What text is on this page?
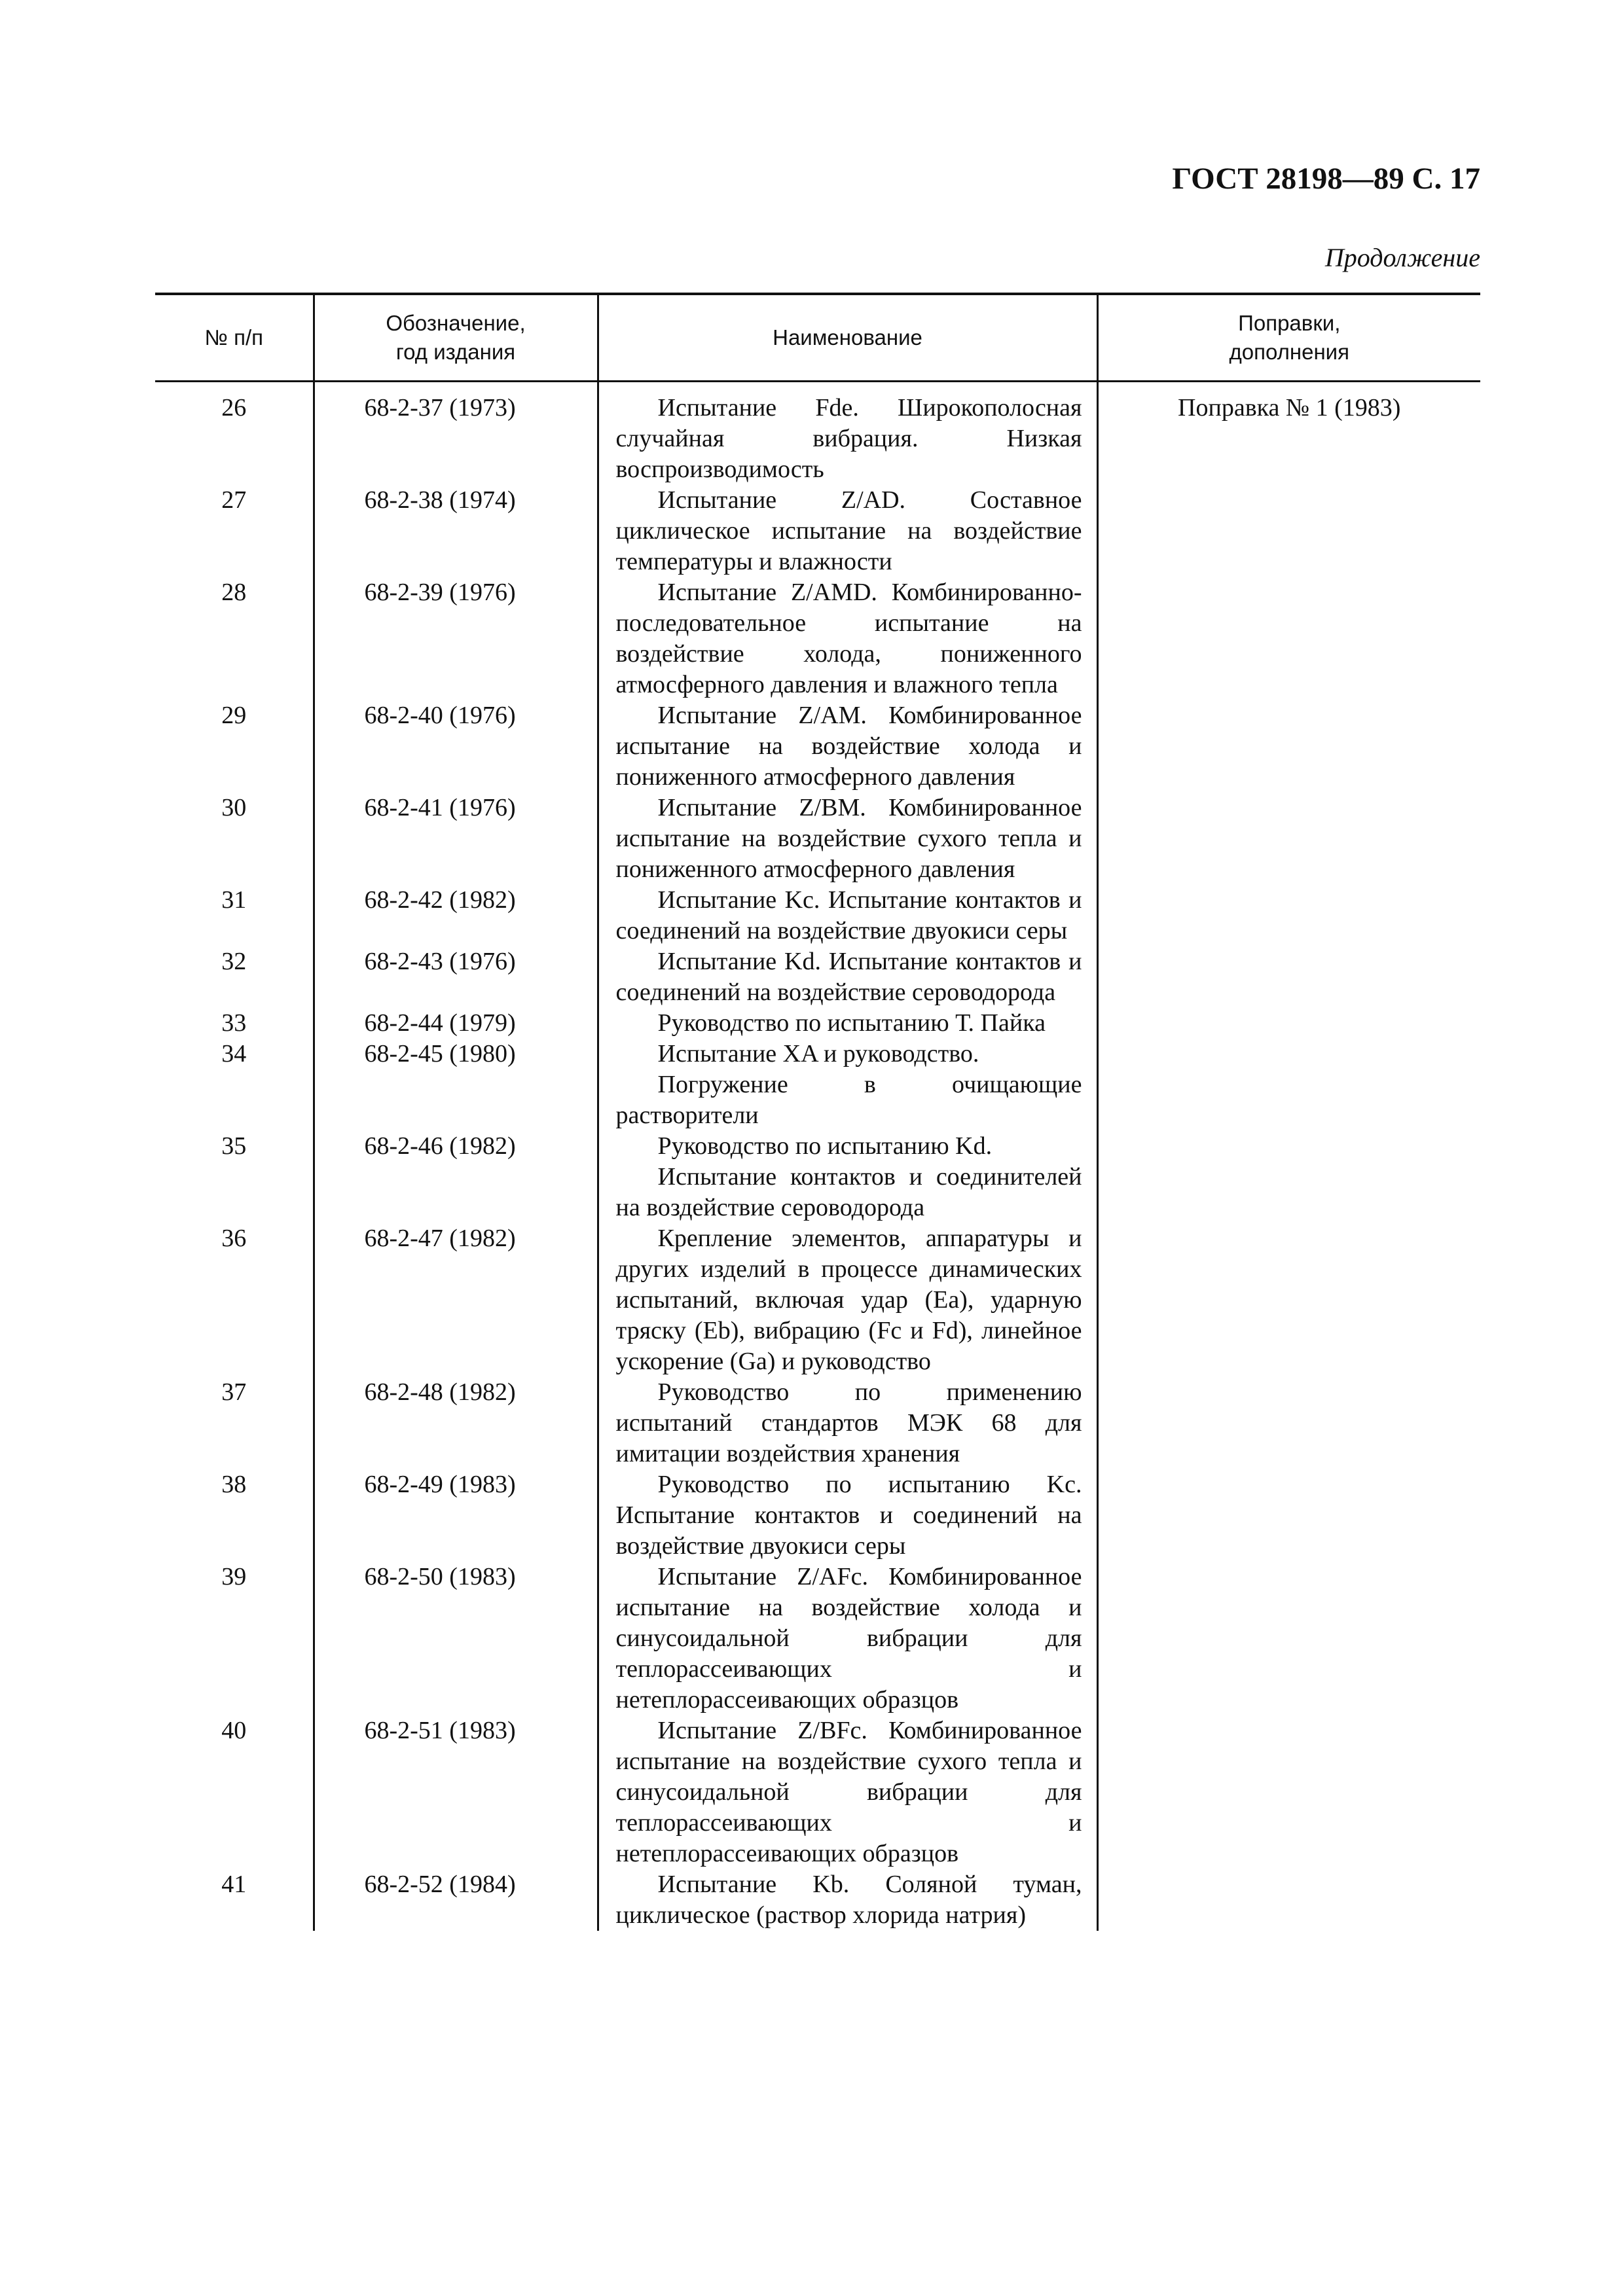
ГОСТ 28198—89 С. 17
Продолжение
№ п/п	Обозначение, год издания	Наименование	Поправки, дополнения
26	68-2-37 (1973)	Испытание Fde. Широкополосная случайная вибрация. Низкая воспроизводимость	Поправка № 1 (1983)
27	68-2-38 (1974)	Испытание Z/AD. Составное циклическое испытание на воздействие температуры и влажности	

28	68-2-39 (1976)	Испытание Z/AMD. Комбинированно-последовательное испытание на воздействие холода, пониженного атмосферного давления и влажного тепла	

29	68-2-40 (1976)	Испытание Z/AM. Комбинированное испытание на воздействие холода и пониженного атмосферного давления	

30	68-2-41 (1976)	Испытание Z/BM. Комбинированное испытание на воздействие сухого тепла и пониженного атмосферного давления	

31	68-2-42 (1982)	Испытание Kc. Испытание контактов и соединений на воздействие двуокиси серы	

32	68-2-43 (1976)	Испытание Kd. Испытание контактов и соединений на воздействие сероводорода	

33	68-2-44 (1979)	Руководство по испытанию Т. Пайка	

34	68-2-45 (1980)	Испытание XA и руководство.
Погружение в очищающие растворители	

35	68-2-46 (1982)	Руководство по испытанию Kd.
Испытание контактов и соединителей на воздействие сероводорода	

36	68-2-47 (1982)	Крепление элементов, аппаратуры и других изделий в процессе динамических испытаний, включая удар (Ea), ударную тряску (Eb), вибрацию (Fc и Fd), линейное ускорение (Ga) и руководство	

37	68-2-48 (1982)	Руководство по применению испытаний стандартов МЭК 68 для имитации воздействия хранения	

38	68-2-49 (1983)	Руководство по испытанию Kc. Испытание контактов и соединений на воздействие двуокиси серы	

39	68-2-50 (1983)	Испытание Z/AFc. Комбинированное испытание на воздействие холода и синусоидальной вибрации для теплорассеивающих и нетеплорассеивающих образцов	

40	68-2-51 (1983)	Испытание Z/BFc. Комбинированное испытание на воздействие сухого тепла и синусоидальной вибрации для теплорассеивающих и нетеплорассеивающих образцов	

41	68-2-52 (1984)	Испытание Kb. Соляной туман, циклическое (раствор хлорида натрия)	
